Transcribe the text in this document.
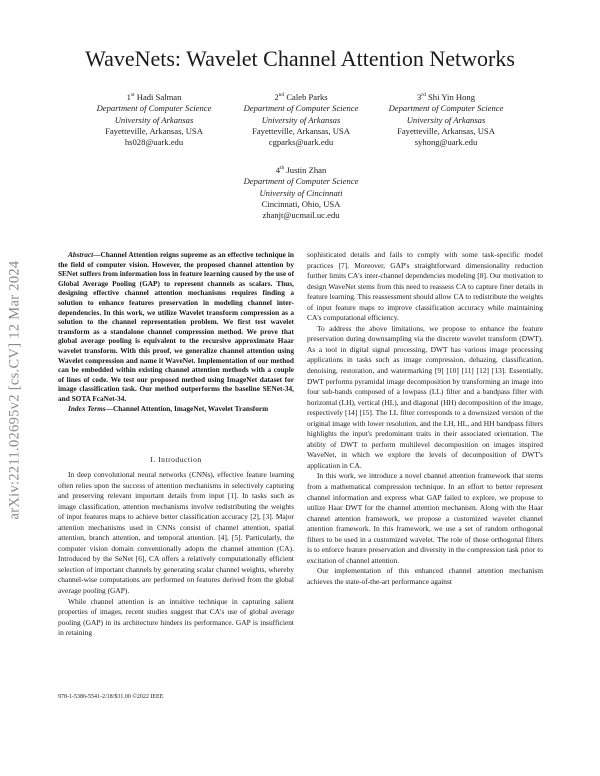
arXiv:2211.02695v2 [cs.CV] 12 Mar 2024
WaveNets: Wavelet Channel Attention Networks
1st Hadi Salman
Department of Computer Science
University of Arkansas
Fayetteville, Arkansas, USA
hs028@uark.edu
2nd Caleb Parks
Department of Computer Science
University of Arkansas
Fayetteville, Arkansas, USA
cgparks@uark.edu
3rd Shi Yin Hong
Department of Computer Science
University of Arkansas
Fayetteville, Arkansas, USA
syhong@uark.edu
4th Justin Zhan
Department of Computer Science
University of Cincinnati
Cincinnati, Ohio, USA
zhanjt@ucmail.uc.edu
Abstract—Channel Attention reigns supreme as an effective technique in the field of computer vision. However, the proposed channel attention by SENet suffers from information loss in feature learning caused by the use of Global Average Pooling (GAP) to represent channels as scalars. Thus, designing effective channel attention mechanisms requires finding a solution to enhance features preservation in modeling channel inter-dependencies. In this work, we utilize Wavelet transform compression as a solution to the channel representation problem. We first test wavelet transform as a standalone channel compression method. We prove that global average pooling is equivalent to the recursive approximate Haar wavelet transform. With this proof, we generalize channel attention using Wavelet compression and name it WaveNet. Implementation of our method can be embedded within existing channel attention methods with a couple of lines of code. We test our proposed method using ImageNet dataset for image classification task. Our method outperforms the baseline SENet-34, and SOTA FcaNet-34.
Index Terms—Channel Attention, ImageNet, Wavelet Transform
I. Introduction

In deep convolutional neural networks (CNNs), effective feature learning often relies upon the success of attention mechanisms in selectively capturing and preserving relevant important details from input [1]. In tasks such as image classification, attention mechanisms involve redistributing the weights of input features maps to achieve better classification accuracy [2], [3]. Major attention mechanisms used in CNNs consist of channel attention, spatial attention, branch attention, and temporal attention. [4], [5]. Particularly, the computer vision domain conventionally adopts the channel attention (CA). Introduced by the SeNet [6], CA offers a relatively computationally efficient selection of important channels by generating scalar channel weights, whereby channel-wise computations are performed on features derived from the global average pooling (GAP).

While channel attention is an intuitive technique in capturing salient properties of images, recent studies suggest that CA's use of global average pooling (GAP) in its architecture hinders its performance. GAP is insufficient in retaining

sophisticated details and fails to comply with some task-specific model practices [7]. Moreover, GAP's straightforward dimensionality reduction further limits CA's inter-channel dependencies modeling [8]. Our motivation to design WaveNet stems from this need to reassess CA to capture finer details in feature learning. This reassessment should allow CA to redistribute the weights of input feature maps to improve classification accuracy while maintaining CA's computational efficiency.

To address the above limitations, we propose to enhance the feature preservation during downsampling via the discrete wavelet transform (DWT). As a tool in digital signal processing, DWT has various image processing applications in tasks such as image compression, dehazing, classification, denoising, restoration, and watermarking [9] [10] [11] [12] [13]. Essentially, DWT performs pyramidal image decomposition by transforming an image into four sub-bands composed of a lowpass (LL) filter and a bandpass filter with horizontal (LH), vertical (HL), and diagonal (HH) decomposition of the image, respectively [14] [15]. The LL filter corresponds to a downsized version of the original image with lower resolution, and the LH, HL, and HH bandpass filters highlights the input's predominant traits in their associated orientation. The ability of DWT to perform multilevel decomposition on images inspired WaveNet, in which we explore the levels of decomposition of DWT's application in CA.

In this work, we introduce a novel channel attention framework that stems from a mathematical compression technique. In an effort to better represent channel information and express what GAP failed to explore, we propose to utilize Haar DWT for the channel attention mechanism. Along with the Haar channel attention framework, we propose a customized wavelet channel attention framework. In this framework, we use a set of random orthogonal filters to be used in a customized wavelet. The role of those orthogonal filters is to enforce feature preservation and diversity in the compression task prior to excitation of channel attention.

Our implementation of this enhanced channel attention mechanism achieves the state-of-the-art performance against

978-1-5386-5541-2/18/$31.00 ©2022 IEEE
